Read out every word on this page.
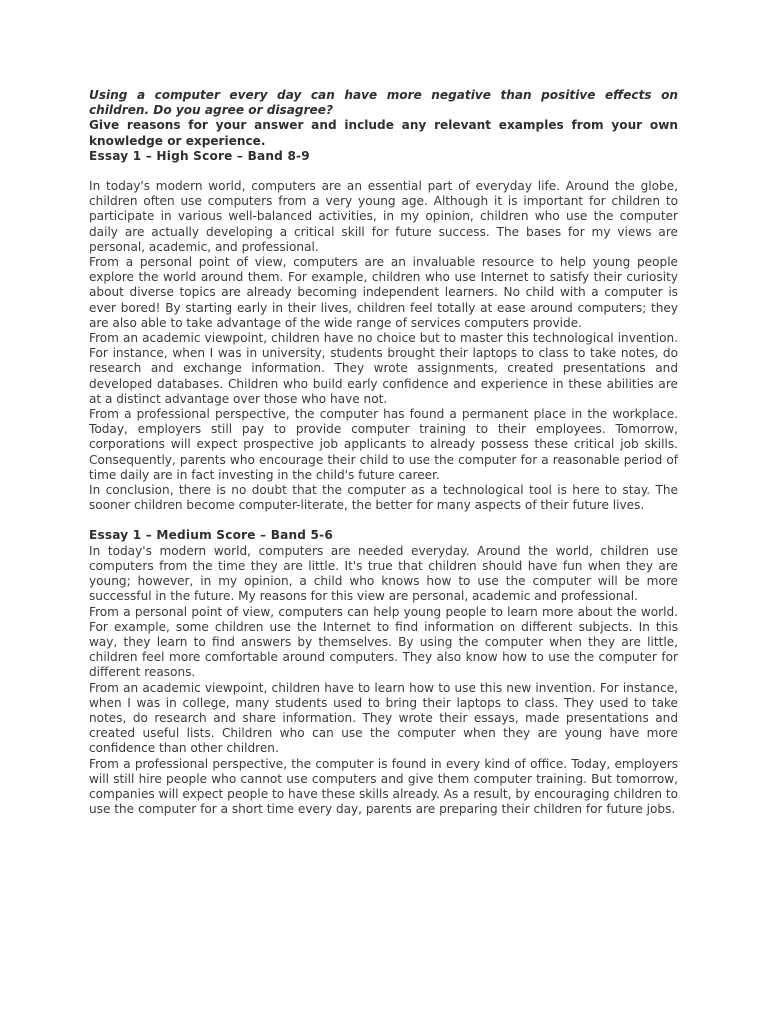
Using a computer every day can have more negative than positive effects on children. Do you agree or disagree?

Give reasons for your answer and include any relevant examples from your own knowledge or experience.

Essay 1 – High Score – Band 8-9

In today's modern world, computers are an essential part of everyday life. Around the globe, children often use computers from a very young age. Although it is important for children to participate in various well-balanced activities, in my opinion, children who use the computer daily are actually developing a critical skill for future success. The bases for my views are personal, academic, and professional.

From a personal point of view, computers are an invaluable resource to help young people explore the world around them. For example, children who use Internet to satisfy their curiosity about diverse topics are already becoming independent learners. No child with a computer is ever bored! By starting early in their lives, children feel totally at ease around computers; they are also able to take advantage of the wide range of services computers provide.

From an academic viewpoint, children have no choice but to master this technological invention. For instance, when I was in university, students brought their laptops to class to take notes, do research and exchange information. They wrote assignments, created presentations and developed databases. Children who build early confidence and experience in these abilities are at a distinct advantage over those who have not.

From a professional perspective, the computer has found a permanent place in the workplace. Today, employers still pay to provide computer training to their employees. Tomorrow, corporations will expect prospective job applicants to already possess these critical job skills. Consequently, parents who encourage their child to use the computer for a reasonable period of time daily are in fact investing in the child's future career.

In conclusion, there is no doubt that the computer as a technological tool is here to stay. The sooner children become computer-literate, the better for many aspects of their future lives.

Essay 1 – Medium Score – Band 5-6

In today's modern world, computers are needed everyday. Around the world, children use computers from the time they are little. It's true that children should have fun when they are young; however, in my opinion, a child who knows how to use the computer will be more successful in the future. My reasons for this view are personal, academic and professional.

From a personal point of view, computers can help young people to learn more about the world. For example, some children use the Internet to find information on different subjects. In this way, they learn to find answers by themselves. By using the computer when they are little, children feel more comfortable around computers. They also know how to use the computer for different reasons.

From an academic viewpoint, children have to learn how to use this new invention. For instance, when I was in college, many students used to bring their laptops to class. They used to take notes, do research and share information. They wrote their essays, made presentations and created useful lists. Children who can use the computer when they are young have more confidence than other children.

From a professional perspective, the computer is found in every kind of office. Today, employers will still hire people who cannot use computers and give them computer training. But tomorrow, companies will expect people to have these skills already. As a result, by encouraging children to use the computer for a short time every day, parents are preparing their children for future jobs.
